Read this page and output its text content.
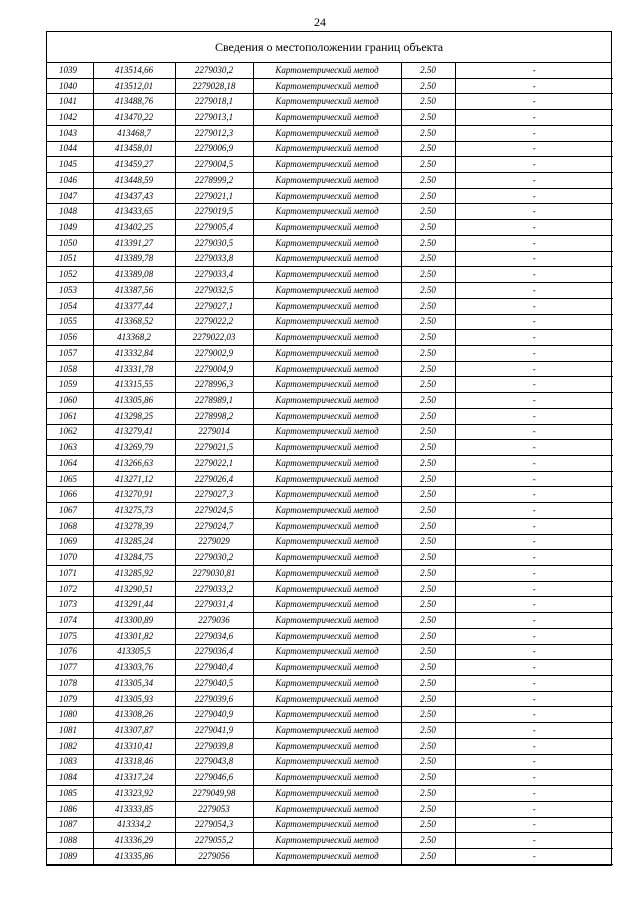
24
Сведения о местоположении границ объекта
1039	413514,66	2279030,2	Картометрический метод	2.50	-
1040	413512,01	2279028,18	Картометрический метод	2.50	-
1041	413488,76	2279018,1	Картометрический метод	2.50	-
1042	413470,22	2279013,1	Картометрический метод	2.50	-
1043	413468,7	2279012,3	Картометрический метод	2.50	-
1044	413458,01	2279006,9	Картометрический метод	2.50	-
1045	413459,27	2279004,5	Картометрический метод	2.50	-
1046	413448,59	2278999,2	Картометрический метод	2.50	-
1047	413437,43	2279021,1	Картометрический метод	2.50	-
1048	413433,65	2279019,5	Картометрический метод	2.50	-
1049	413402,25	2279005,4	Картометрический метод	2.50	-
1050	413391,27	2279030,5	Картометрический метод	2.50	-
1051	413389,78	2279033,8	Картометрический метод	2.50	-
1052	413389,08	2279033,4	Картометрический метод	2.50	-
1053	413387,56	2279032,5	Картометрический метод	2.50	-
1054	413377,44	2279027,1	Картометрический метод	2.50	-
1055	413368,52	2279022,2	Картометрический метод	2.50	-
1056	413368,2	2279022,03	Картометрический метод	2.50	-
1057	413332,84	2279002,9	Картометрический метод	2.50	-
1058	413331,78	2279004,9	Картометрический метод	2.50	-
1059	413315,55	2278996,3	Картометрический метод	2.50	-
1060	413305,86	2278989,1	Картометрический метод	2.50	-
1061	413298,25	2278998,2	Картометрический метод	2.50	-
1062	413279,41	2279014	Картометрический метод	2.50	-
1063	413269,79	2279021,5	Картометрический метод	2.50	-
1064	413266,63	2279022,1	Картометрический метод	2.50	-
1065	413271,12	2279026,4	Картометрический метод	2.50	-
1066	413270,91	2279027,3	Картометрический метод	2.50	-
1067	413275,73	2279024,5	Картометрический метод	2.50	-
1068	413278,39	2279024,7	Картометрический метод	2.50	-
1069	413285,24	2279029	Картометрический метод	2.50	-
1070	413284,75	2279030,2	Картометрический метод	2.50	-
1071	413285,92	2279030,81	Картометрический метод	2.50	-
1072	413290,51	2279033,2	Картометрический метод	2.50	-
1073	413291,44	2279031,4	Картометрический метод	2.50	-
1074	413300,89	2279036	Картометрический метод	2.50	-
1075	413301,82	2279034,6	Картометрический метод	2.50	-
1076	413305,5	2279036,4	Картометрический метод	2.50	-
1077	413303,76	2279040,4	Картометрический метод	2.50	-
1078	413305,34	2279040,5	Картометрический метод	2.50	-
1079	413305,93	2279039,6	Картометрический метод	2.50	-
1080	413308,26	2279040,9	Картометрический метод	2.50	-
1081	413307,87	2279041,9	Картометрический метод	2.50	-
1082	413310,41	2279039,8	Картометрический метод	2.50	-
1083	413318,46	2279043,8	Картометрический метод	2.50	-
1084	413317,24	2279046,6	Картометрический метод	2.50	-
1085	413323,92	2279049,98	Картометрический метод	2.50	-
1086	413333,85	2279053	Картометрический метод	2.50	-
1087	413334,2	2279054,3	Картометрический метод	2.50	-
1088	413336,29	2279055,2	Картометрический метод	2.50	-
1089	413335,86	2279056	Картометрический метод	2.50	-
